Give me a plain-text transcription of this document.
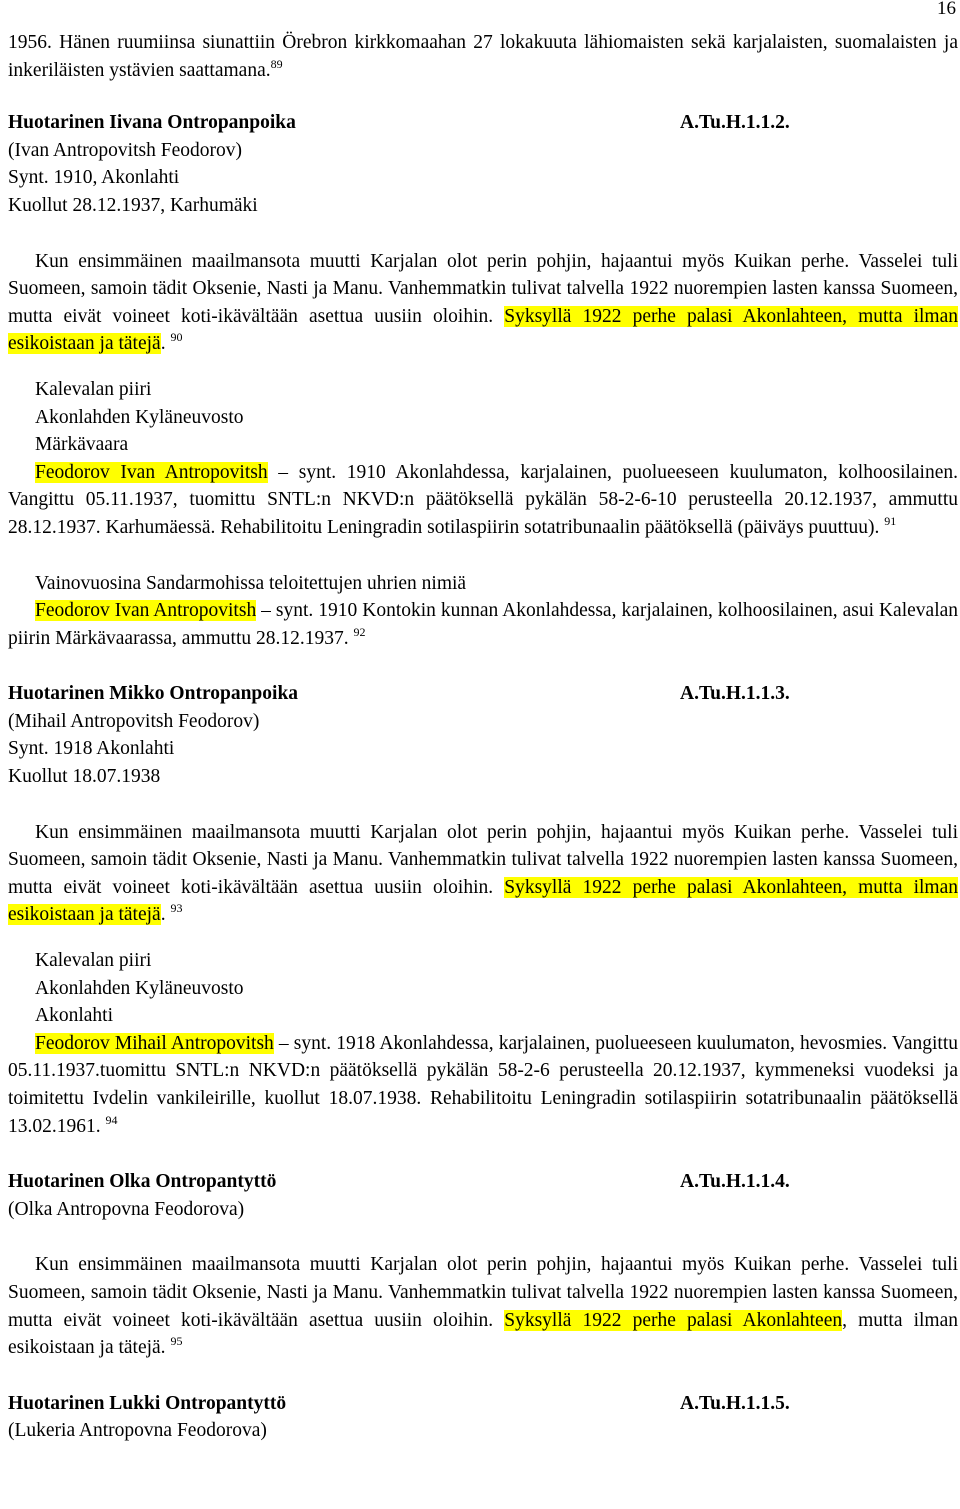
16

1956. Hänen ruumiinsa siunattiin Örebron kirkkomaahan 27 lokakuuta lähiomaisten sekä karjalaisten, suomalaisten ja inkeriläisten ystävien saattamana.$^{89}$

Huotarinen Iivana Ontropanpoika	A.Tu.H.1.1.2.

(Ivan Antropovitsh Feodorov)

Synt. 1910, Akonlahti

Kuollut 28.12.1937, Karhumäki

Kun ensimmäinen maailmansota muutti Karjalan olot perin pohjin, hajaantui myös Kuikan perhe. Vasselei tuli Suomeen, samoin tädit Oksenie, Nasti ja Manu. Vanhemmatkin tulivat talvella 1922 nuorempien lasten kanssa Suomeen, mutta eivät voineet koti-ikävältään asettua uusiin oloihin. Syksyllä 1922 perhe palasi Akonlahteen, mutta ilman esikoistaan ja tätejä. $^{90}$

Kalevalan piiri

Akonlahden Kyläneuvosto

Märkävaara

Feodorov Ivan Antropovitsh – synt. 1910 Akonlahdessa, karjalainen, puolueeseen kuulumaton, kolhoosilainen. Vangittu 05.11.1937, tuomittu SNTL:n NKVD:n päätöksellä pykälän 58-2-6-10 perusteella 20.12.1937, ammuttu 28.12.1937. Karhumäessä. Rehabilitoitu Leningradin sotilaspiirin sotatribunaalin päätöksellä (päiväys puuttuu). $^{91}$

Vainovuosina Sandarmohissa teloitettujen uhrien nimiä

Feodorov Ivan Antropovitsh – synt. 1910 Kontokin kunnan Akonlahdessa, karjalainen, kolhoosilainen, asui Kalevalan piirin Märkävaarassa, ammuttu 28.12.1937. $^{92}$

Huotarinen Mikko Ontropanpoika	A.Tu.H.1.1.3.

(Mihail Antropovitsh Feodorov)

Synt. 1918 Akonlahti

Kuollut 18.07.1938

Kun ensimmäinen maailmansota muutti Karjalan olot perin pohjin, hajaantui myös Kuikan perhe. Vasselei tuli Suomeen, samoin tädit Oksenie, Nasti ja Manu. Vanhemmatkin tulivat talvella 1922 nuorempien lasten kanssa Suomeen, mutta eivät voineet koti-ikävältään asettua uusiin oloihin. Syksyllä 1922 perhe palasi Akonlahteen, mutta ilman esikoistaan ja tätejä. $^{93}$

Kalevalan piiri

Akonlahden Kyläneuvosto

Akonlahti

Feodorov Mihail Antropovitsh – synt. 1918 Akonlahdessa, karjalainen, puolueeseen kuulumaton, hevosmies. Vangittu 05.11.1937.tuomittu SNTL:n NKVD:n päätöksellä pykälän 58-2-6 perusteella 20.12.1937, kymmeneksi vuodeksi ja toimitettu Ivdelin vankileirille, kuollut 18.07.1938. Rehabilitoitu Leningradin sotilaspiirin sotatribunaalin päätöksellä 13.02.1961. $^{94}$

Huotarinen Olka Ontropantyttö	A.Tu.H.1.1.4.

(Olka Antropovna Feodorova)

Kun ensimmäinen maailmansota muutti Karjalan olot perin pohjin, hajaantui myös Kuikan perhe. Vasselei tuli Suomeen, samoin tädit Oksenie, Nasti ja Manu. Vanhemmatkin tulivat talvella 1922 nuorempien lasten kanssa Suomeen, mutta eivät voineet koti-ikävältään asettua uusiin oloihin. Syksyllä 1922 perhe palasi Akonlahteen, mutta ilman esikoistaan ja tätejä. $^{95}$

Huotarinen Lukki Ontropantyttö	A.Tu.H.1.1.5.

(Lukeria Antropovna Feodorova)
